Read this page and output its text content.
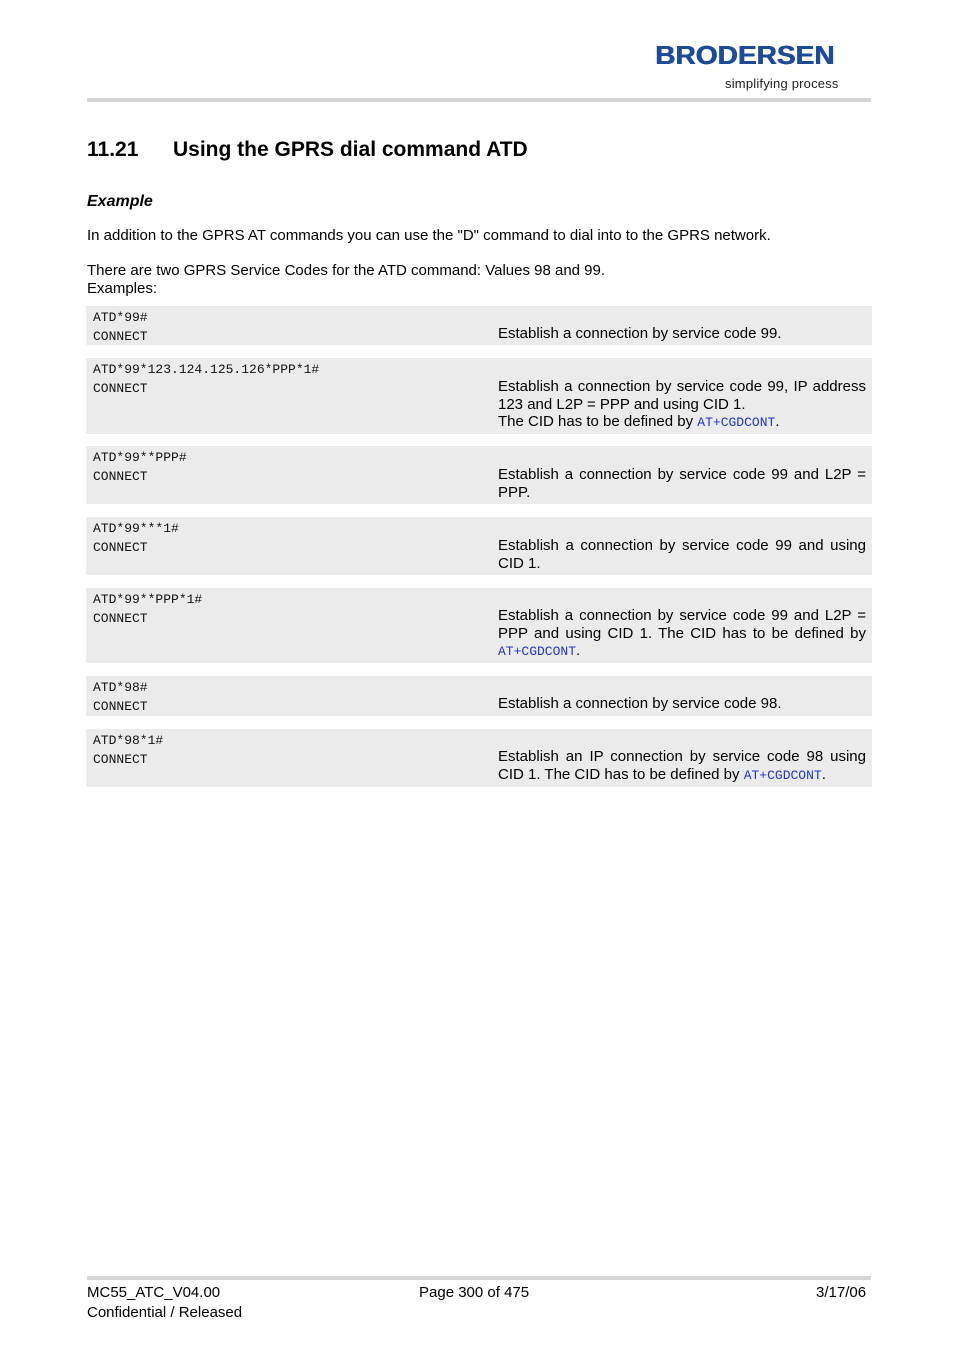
BRODERSEN
simplifying process
11.21 Using the GPRS dial command ATD
Example
In addition to the GPRS AT commands you can use the "D" command to dial into to the GPRS network.
There are two GPRS Service Codes for the ATD command: Values 98 and 99.
Examples:
ATD*99#
CONNECT	Establish a connection by service code 99.
ATD*99*123.124.125.126*PPP*1#
CONNECT	Establish a connection by service code 99, IP address 123 and L2P = PPP and using CID 1.
The CID has to be defined by AT+CGDCONT.
ATD*99**PPP#
CONNECT	Establish a connection by service code 99 and L2P = PPP.
ATD*99***1#
CONNECT	Establish a connection by service code 99 and using CID 1.
ATD*99**PPP*1#
CONNECT	Establish a connection by service code 99 and L2P = PPP and using CID 1. The CID has to be defined by AT+CGDCONT.
ATD*98#
CONNECT	Establish a connection by service code 98.
ATD*98*1#
CONNECT	Establish an IP connection by service code 98 using CID 1. The CID has to be defined by AT+CGDCONT.
MC55_ATC_V04.00
Confidential / Released
Page 300 of 475	3/17/06
